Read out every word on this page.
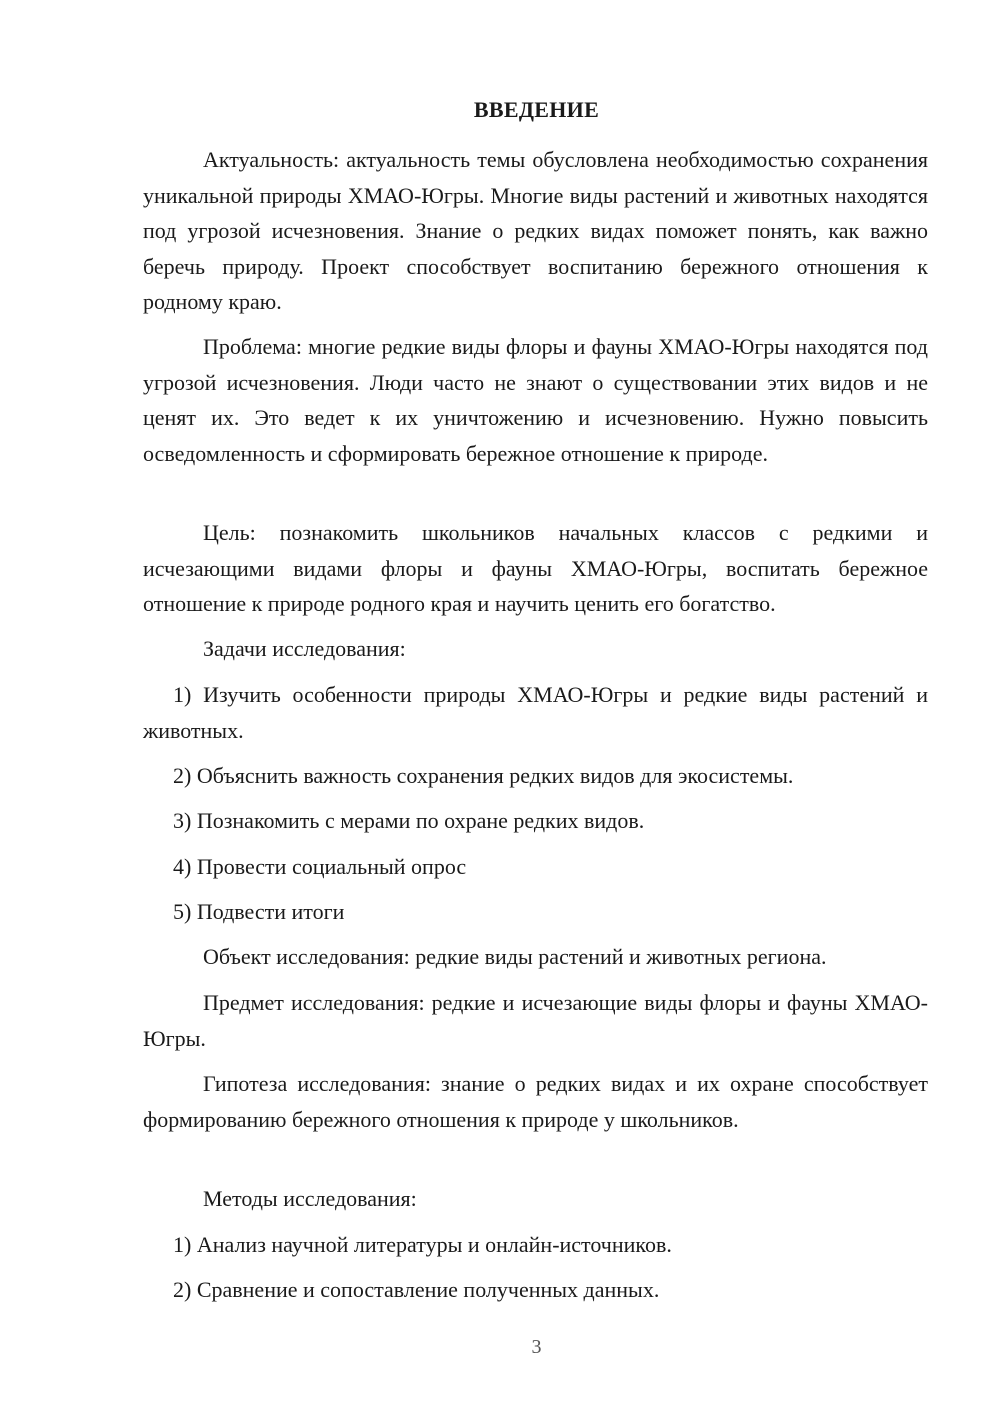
ВВЕДЕНИЕ

Актуальность: актуальность темы обусловлена необходимостью сохранения уникальной природы ХМАО-Югры. Многие виды растений и животных находятся под угрозой исчезновения. Знание о редких видах поможет понять, как важно беречь природу. Проект способствует воспитанию бережного отношения к родному краю.

Проблема: многие редкие виды флоры и фауны ХМАО-Югры находятся под угрозой исчезновения. Люди часто не знают о существовании этих видов и не ценят их. Это ведет к их уничтожению и исчезновению. Нужно повысить осведомленность и сформировать бережное отношение к природе.

Цель: познакомить школьников начальных классов с редкими и исчезающими видами флоры и фауны ХМАО-Югры, воспитать бережное отношение к природе родного края и научить ценить его богатство.

Задачи исследования:

1) Изучить особенности природы ХМАО-Югры и редкие виды растений и животных.

2) Объяснить важность сохранения редких видов для экосистемы.

3) Познакомить с мерами по охране редких видов.

4) Провести социальный опрос

5) Подвести итоги

Объект исследования: редкие виды растений и животных региона.

Предмет исследования: редкие и исчезающие виды флоры и фауны ХМАО-Югры.

Гипотеза исследования: знание о редких видах и их охране способствует формированию бережного отношения к природе у школьников.

Методы исследования:

1) Анализ научной литературы и онлайн-источников.

2) Сравнение и сопоставление полученных данных.

3
